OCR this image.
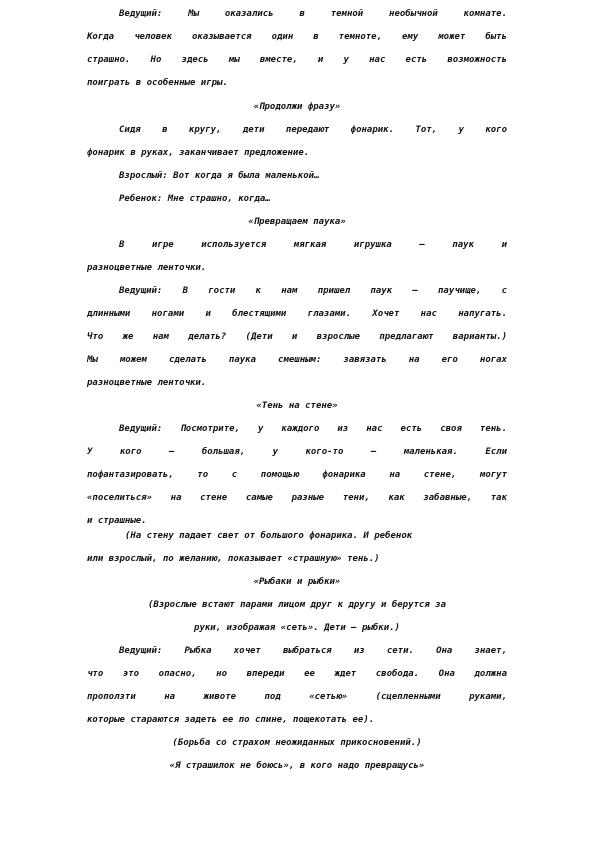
Ведущий: Мы оказались в темной необычной комнате.
Когда человек оказывается один в темноте, ему может быть
страшно. Но здесь мы вместе, и у нас есть возможность
поиграть в особенные игры.
«Продолжи фразу»
Сидя в кругу, дети передают фонарик. Тот, у кого
фонарик в руках, заканчивает предложение.
Взрослый: Вот когда я была маленькой…
Ребенок: Мне страшно, когда…
«Превращаем паука»
В игре используется мягкая игрушка – паук и
разноцветные ленточки.
Ведущий: В гости к нам пришел паук – паучище, с
длинными ногами и блестящими глазами. Хочет нас напугать.
Что же нам делать? (Дети и взрослые предлагают варианты.)
Мы можем сделать паука смешным: завязать на его ногах
разноцветные ленточки.
«Тень на стене»
Ведущий: Посмотрите, у каждого из нас есть своя тень.
У кого – большая, у кого-то – маленькая. Если
пофантазировать, то с помощью фонарика на стене, могут
«поселиться» на стене самые разные тени, как забавные, так
и страшные.
(На стену падает свет от большого фонарика. И ребенок
или взрослый, по желанию, показывает «страшную» тень.)
«Рыбаки и рыбки»
(Взрослые встают парами лицом друг к другу и берутся за
руки, изображая «сеть». Дети – рыбки.)
Ведущий: Рыбка хочет выбраться из сети. Она знает,
что это опасно, но впереди ее ждет свобода. Она должна
проползти на животе под «сетью» (сцепленными руками,
которые стараются задеть ее по спине, пощекотать ее).
(Борьба со страхом неожиданных прикосновений.)
«Я страшилок не боюсь», в кого надо превращусь»
